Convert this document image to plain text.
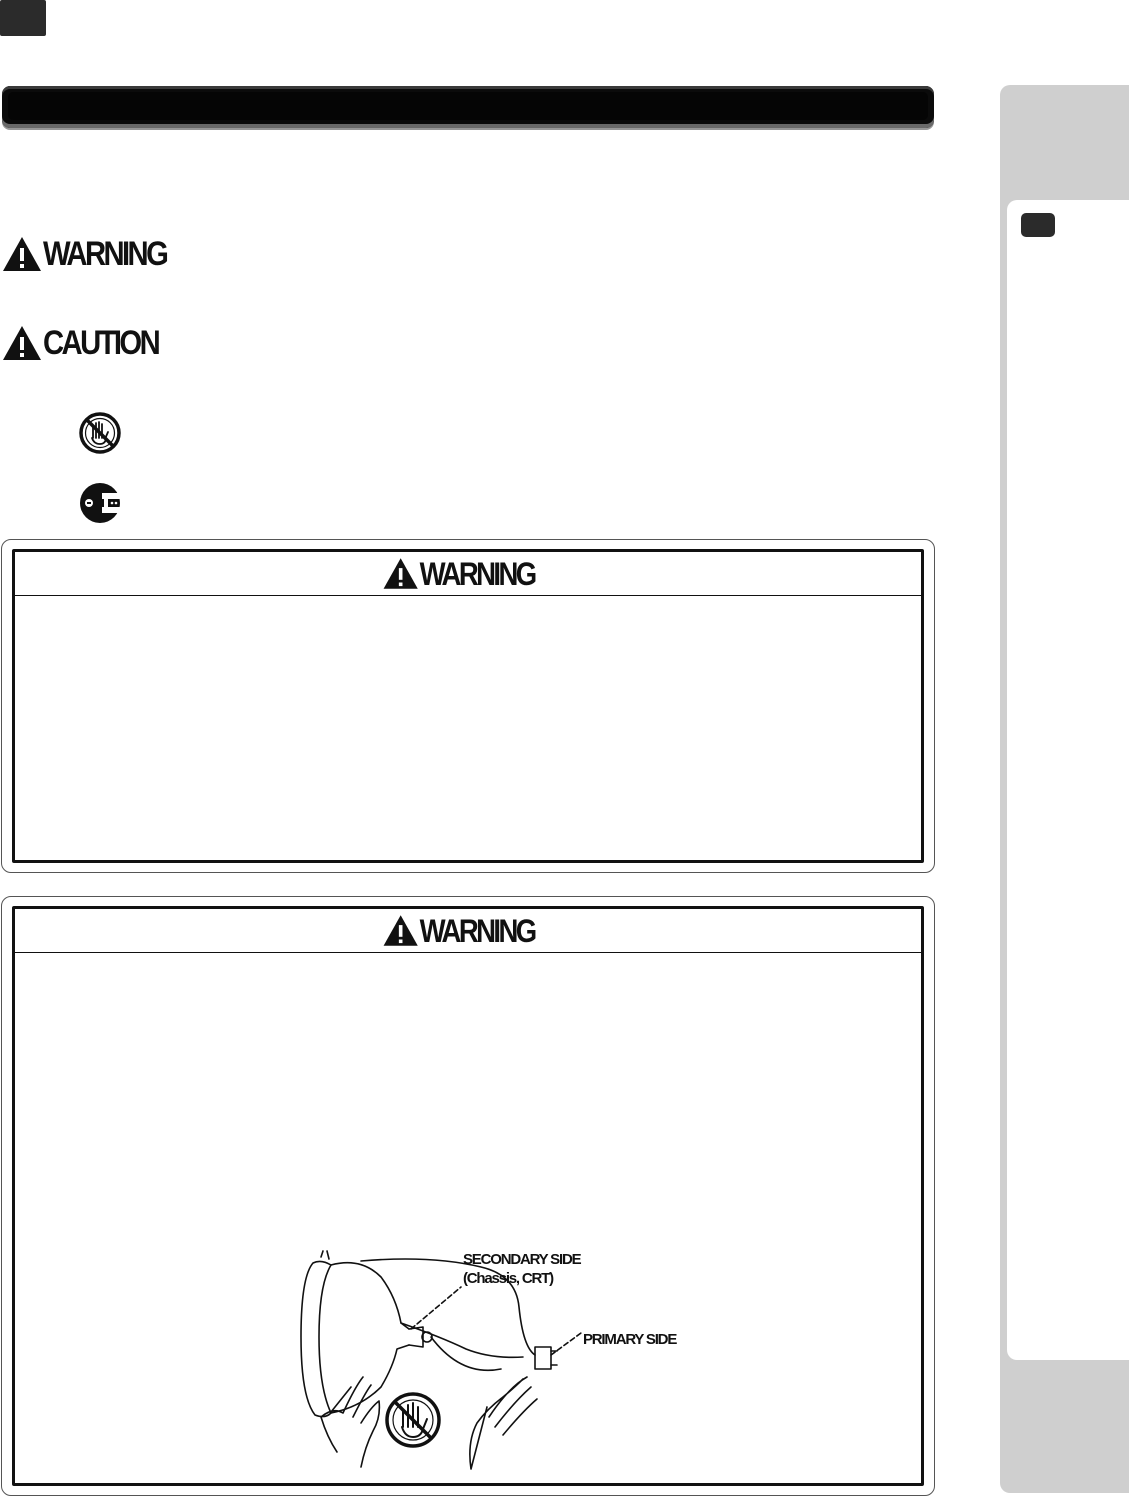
WARNING
CAUTION
WARNING
WARNING
SECONDARY SIDE
(Chassis, CRT)
PRIMARY SIDE
